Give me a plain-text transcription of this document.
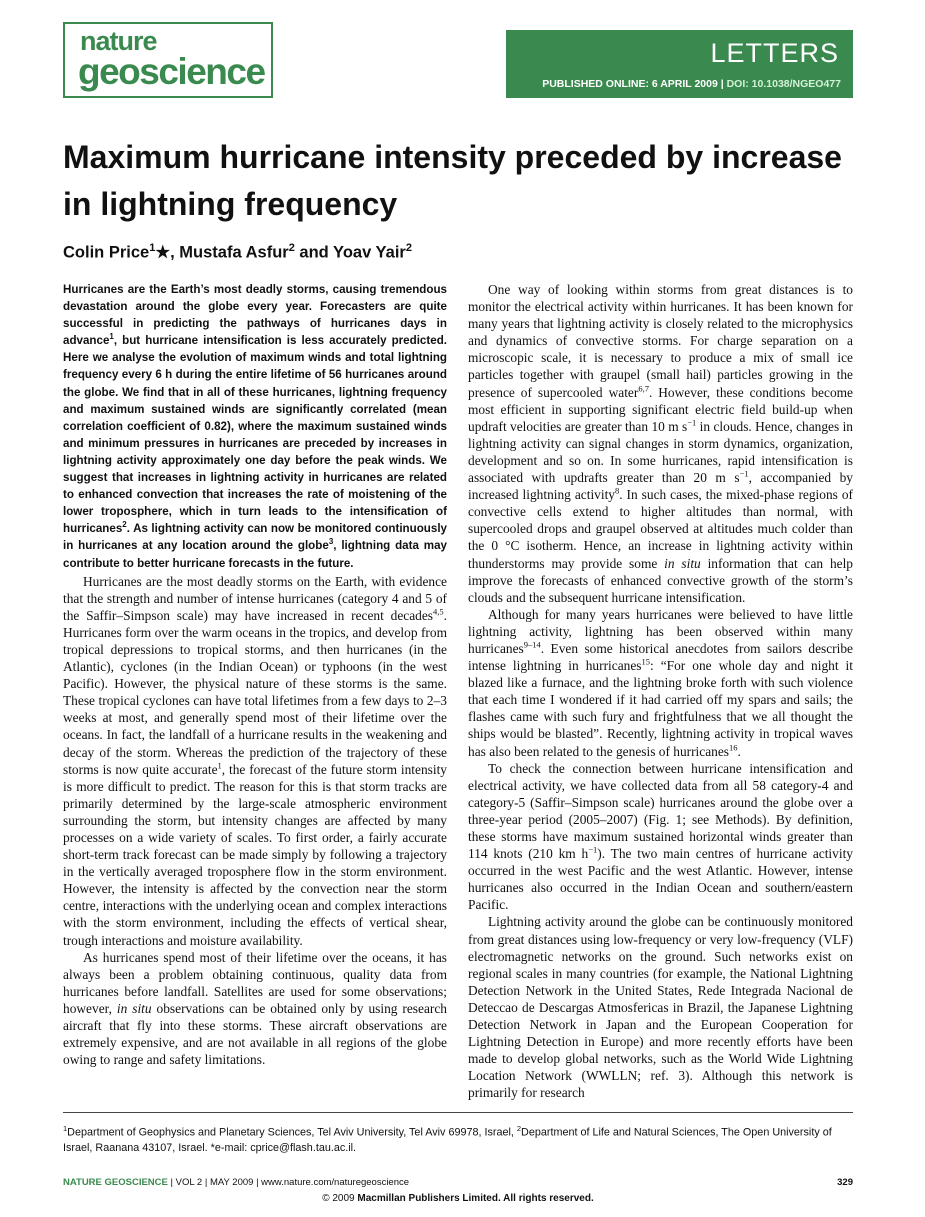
nature
geoscience	LETTERS
PUBLISHED ONLINE: 6 APRIL 2009 | DOI: 10.1038/NGEO477
Maximum hurricane intensity preceded by increase in lightning frequency
Colin Price$^1$★, Mustafa Asfur$^2$ and Yoav Yair$^2$

Hurricanes are the Earth’s most deadly storms, causing tremendous devastation around the globe every year. Forecasters are quite successful in predicting the pathways of hurricanes days in advance$^1$, but hurricane intensification is less accurately predicted. Here we analyse the evolution of maximum winds and total lightning frequency every 6 h during the entire lifetime of 56 hurricanes around the globe. We find that in all of these hurricanes, lightning frequency and maximum sustained winds are significantly correlated (mean correlation coefficient of 0.82), where the maximum sustained winds and minimum pressures in hurricanes are preceded by increases in lightning activity approximately one day before the peak winds. We suggest that increases in lightning activity in hurricanes are related to enhanced convection that increases the rate of moistening of the lower troposphere, which in turn leads to the intensification of hurricanes$^2$. As lightning activity can now be monitored continuously in hurricanes at any location around the globe$^3$, lightning data may contribute to better hurricane forecasts in the future.

Hurricanes are the most deadly storms on the Earth, with evidence that the strength and number of intense hurricanes (category 4 and 5 of the Saffir–Simpson scale) may have increased in recent decades$^{4,5}$. Hurricanes form over the warm oceans in the tropics, and develop from tropical depressions to tropical storms, and then hurricanes (in the Atlantic), cyclones (in the Indian Ocean) or typhoons (in the west Pacific). However, the physical nature of these storms is the same. These tropical cyclones can have total lifetimes from a few days to 2–3 weeks at most, and generally spend most of their lifetime over the oceans. In fact, the landfall of a hurricane results in the weakening and decay of the storm. Whereas the prediction of the trajectory of these storms is now quite accurate$^1$, the forecast of the future storm intensity is more difficult to predict. The reason for this is that storm tracks are primarily determined by the large-scale atmospheric environment surrounding the storm, but intensity changes are affected by many processes on a wide variety of scales. To first order, a fairly accurate short-term track forecast can be made simply by following a trajectory in the vertically averaged troposphere flow in the storm environment. However, the intensity is affected by the convection near the storm centre, interactions with the underlying ocean and complex interactions with the storm environment, including the effects of vertical shear, trough interactions and moisture availability.

As hurricanes spend most of their lifetime over the oceans, it has always been a problem obtaining continuous, quality data from hurricanes before landfall. Satellites are used for some observations; however, in situ observations can be obtained only by using research aircraft that fly into these storms. These aircraft observations are extremely expensive, and are not available in all regions of the globe owing to range and safety limitations.

One way of looking within storms from great distances is to monitor the electrical activity within hurricanes. It has been known for many years that lightning activity is closely related to the microphysics and dynamics of convective storms. For charge separation on a microscopic scale, it is necessary to produce a mix of small ice particles together with graupel (small hail) particles growing in the presence of supercooled water$^{6,7}$. However, these conditions become most efficient in supporting significant electric field build-up when updraft velocities are greater than 10 m $s^{-1}$ in clouds. Hence, changes in lightning activity can signal changes in storm dynamics, organization, development and so on. In some hurricanes, rapid intensification is associated with updrafts greater than 20 m $s^{-1}$, accompanied by increased lightning activity$^8$. In such cases, the mixed-phase regions of convective cells extend to higher altitudes than normal, with supercooled drops and graupel observed at altitudes much colder than the 0 °C isotherm. Hence, an increase in lightning activity within thunderstorms may provide some in situ information that can help improve the forecasts of enhanced convective growth of the storm’s clouds and the subsequent hurricane intensification.

Although for many years hurricanes were believed to have little lightning activity, lightning has been observed within many hurricanes$^{9-14}$. Even some historical anecdotes from sailors describe intense lightning in hurricanes$^{15}$: “For one whole day and night it blazed like a furnace, and the lightning broke forth with such violence that each time I wondered if it had carried off my spars and sails; the flashes came with such fury and frightfulness that we all thought the ships would be blasted”. Recently, lightning activity in tropical waves has also been related to the genesis of hurricanes$^{16}$.

To check the connection between hurricane intensification and electrical activity, we have collected data from all 58 category-4 and category-5 (Saffir–Simpson scale) hurricanes around the globe over a three-year period (2005–2007) (Fig. 1; see Methods). By definition, these storms have maximum sustained horizontal winds greater than 114 knots (210 km $h^{-1}$). The two main centres of hurricane activity occurred in the west Pacific and the west Atlantic. However, intense hurricanes also occurred in the Indian Ocean and southern/eastern Pacific.

Lightning activity around the globe can be continuously monitored from great distances using low-frequency or very low-frequency (VLF) electromagnetic networks on the ground. Such networks exist on regional scales in many countries (for example, the National Lightning Detection Network in the United States, Rede Integrada Nacional de Deteccao de Descargas Atmosfericas in Brazil, the Japanese Lightning Detection Network in Japan and the European Cooperation for Lightning Detection in Europe) and more recently efforts have been made to develop global networks, such as the World Wide Lightning Location Network (WWLLN; ref. 3). Although this network is primarily for research

$^1$Department of Geophysics and Planetary Sciences, Tel Aviv University, Tel Aviv 69978, Israel, $^2$Department of Life and Natural Sciences, The Open University of Israel, Raanana 43107, Israel. *e-mail: cprice@flash.tau.ac.il.

NATURE GEOSCIENCE | VOL 2 | MAY 2009 | www.nature.com/naturegeoscience	329
© 2009 Macmillan Publishers Limited. All rights reserved.
